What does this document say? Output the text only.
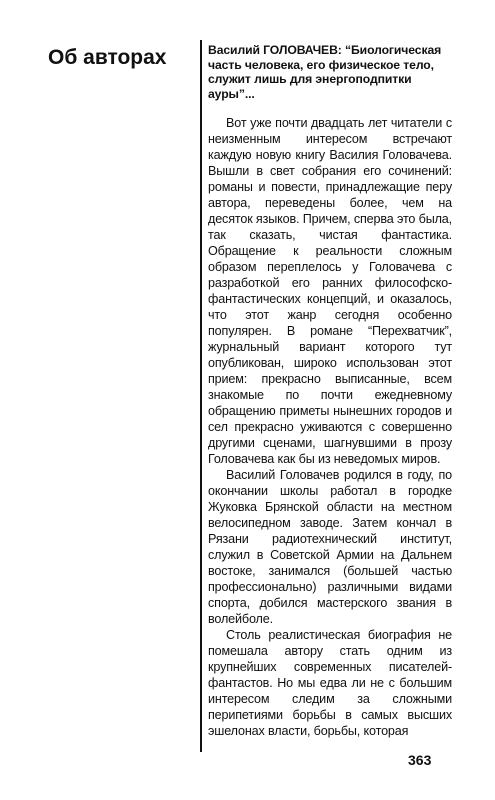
Об авторах	Василий ГОЛОВАЧЕВ: “Биологическая часть человека, его физическое тело, служит лишь для энергоподпитки ауры”...

Вот уже почти двадцать лет читатели с неизменным интересом встречают каждую новую книгу Василия Головачева. Вышли в свет собрания его сочинений: романы и повести, принадлежащие перу автора, переведены более, чем на десяток языков. Причем, сперва это была, так сказать, чистая фантастика. Обращение к реальности сложным образом переплелось у Головачева с разработкой его ранних философско-фантастических концепций, и оказалось, что этот жанр сегодня особенно популярен. В романе “Перехватчик”, журнальный вариант которого тут опубликован, широко использован этот прием: прекрасно выписанные, всем знакомые по почти ежедневному обращению приметы нынешних городов и сел прекрасно уживаются с совершенно другими сценами, шагнувшими в прозу Головачева как бы из неведомых миров.

Василий Головачев родился в году, по окончании школы работал в городке Жуковка Брянской области на местном велосипедном заводе. Затем кончал в Рязани радиотехнический институт, служил в Советской Армии на Дальнем востоке, занимался (большей частью профессионально) различными видами спорта, добился мастерского звания в волейболе.

Столь реалистическая биография не помешала автору стать одним из крупнейших современных писателей-фантастов. Но мы едва ли не с большим интересом следим за сложными перипетиями борьбы в самых высших эшелонах власти, борьбы, которая

363
